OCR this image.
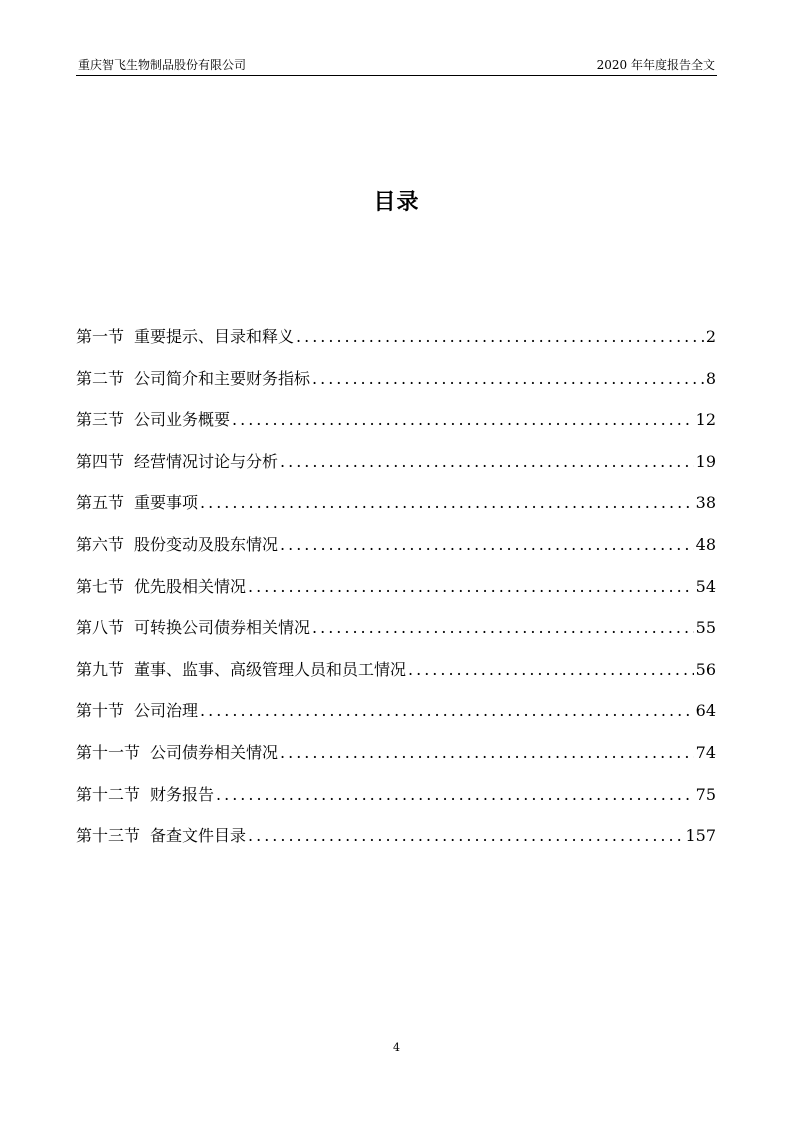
重庆智飞生物制品股份有限公司	2020 年年度报告全文
目录
第一节 重要提示、目录和释义 .....	2
第二节 公司简介和主要财务指标 .....	8
第三节 公司业务概要 .....	12
第四节 经营情况讨论与分析 .....	19
第五节 重要事项 .....	38
第六节 股份变动及股东情况 .....	48
第七节 优先股相关情况 .....	54
第八节 可转换公司债券相关情况 .....	55
第九节 董事、监事、高级管理人员和员工情况 .....	56
第十节 公司治理 .....	64
第十一节 公司债券相关情况 .....	74
第十二节 财务报告 .....	75
第十三节 备查文件目录 .....	157
4
